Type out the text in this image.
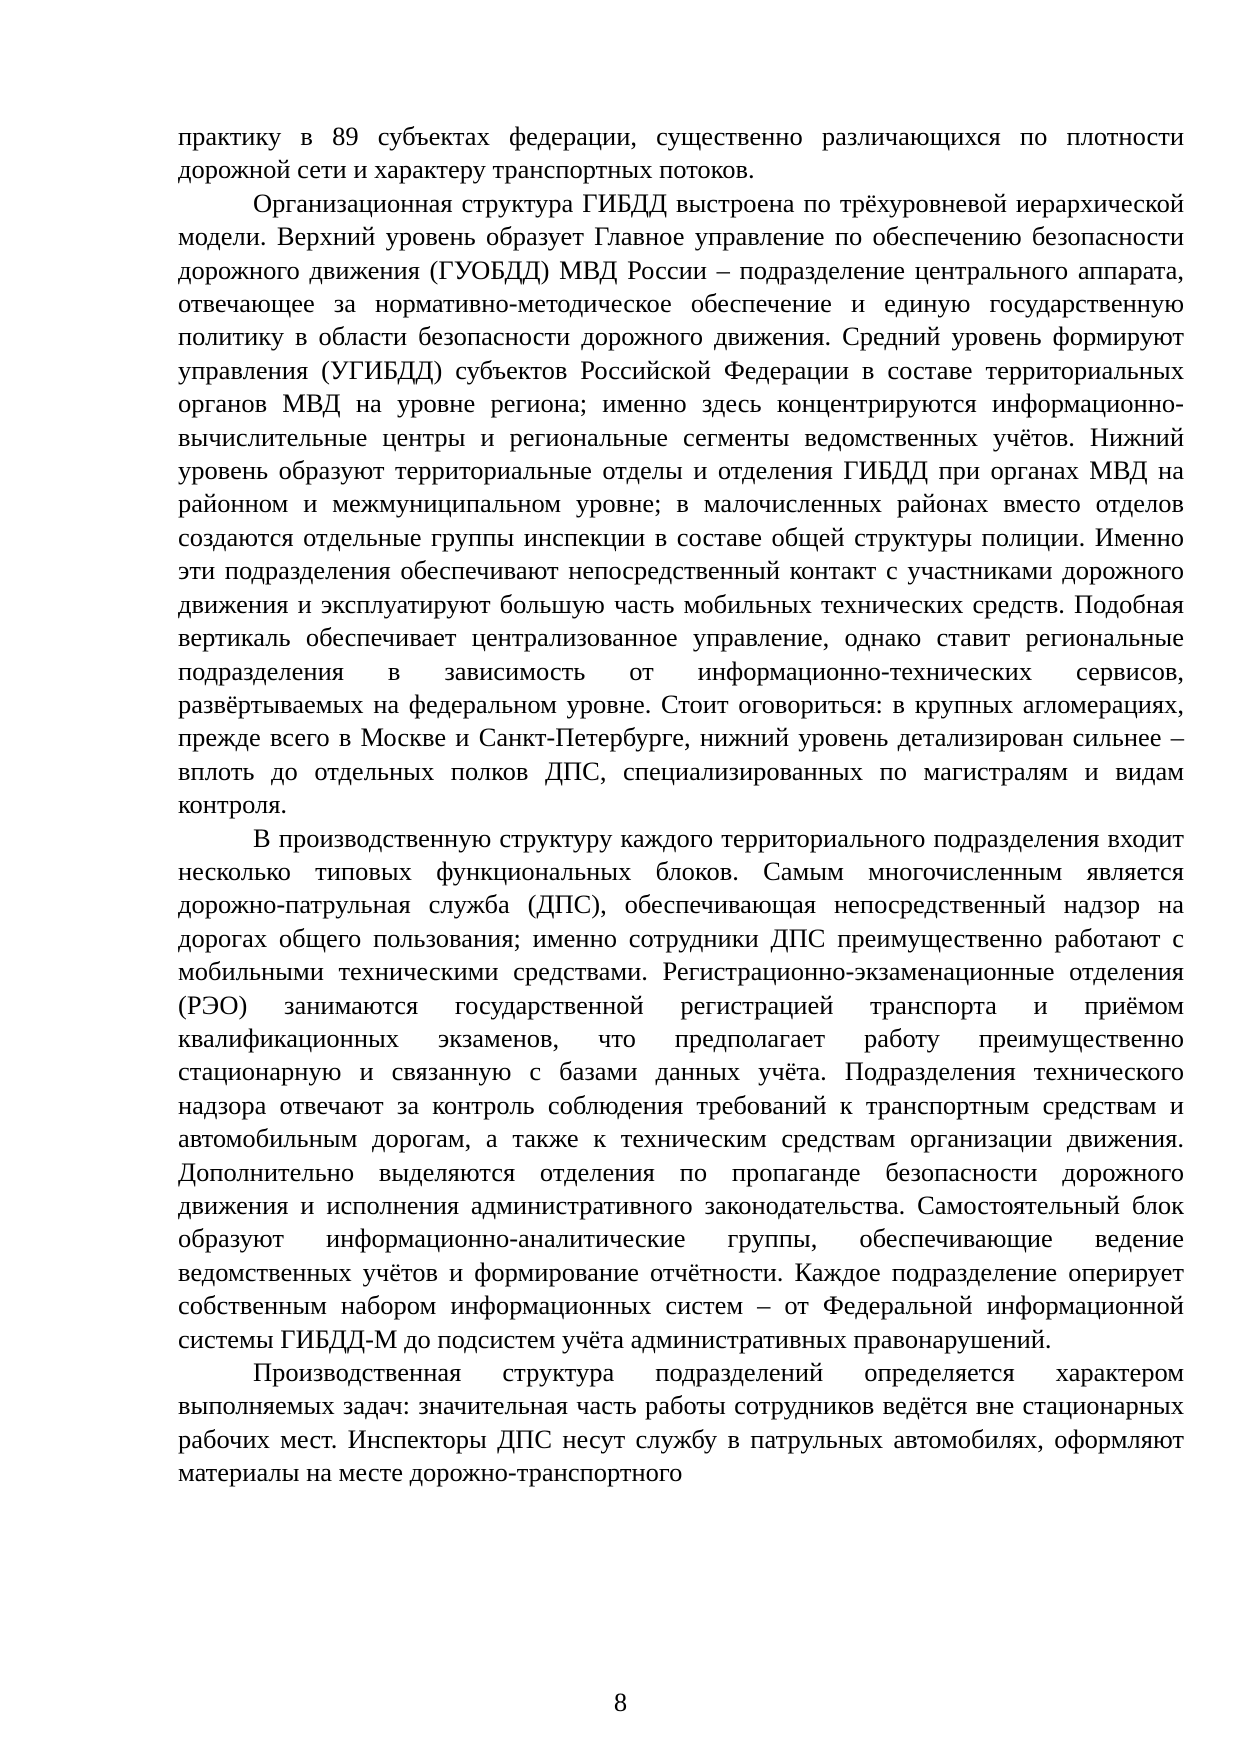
практику в 89 субъектах федерации, существенно различающихся по плотности дорожной сети и характеру транспортных потоков.

Организационная структура ГИБДД выстроена по трёхуровневой иерархической модели. Верхний уровень образует Главное управление по обеспечению безопасности дорожного движения (ГУОБДД) МВД России – подразделение центрального аппарата, отвечающее за нормативно-методическое обеспечение и единую государственную политику в области безопасности дорожного движения. Средний уровень формируют управления (УГИБДД) субъектов Российской Федерации в составе территориальных органов МВД на уровне региона; именно здесь концентрируются информационно-вычислительные центры и региональные сегменты ведомственных учётов. Нижний уровень образуют территориальные отделы и отделения ГИБДД при органах МВД на районном и межмуниципальном уровне; в малочисленных районах вместо отделов создаются отдельные группы инспекции в составе общей структуры полиции. Именно эти подразделения обеспечивают непосредственный контакт с участниками дорожного движения и эксплуатируют большую часть мобильных технических средств. Подобная вертикаль обеспечивает централизованное управление, однако ставит региональные подразделения в зависимость от информационно-технических сервисов, развёртываемых на федеральном уровне. Стоит оговориться: в крупных агломерациях, прежде всего в Москве и Санкт-Петербурге, нижний уровень детализирован сильнее – вплоть до отдельных полков ДПС, специализированных по магистралям и видам контроля.

В производственную структуру каждого территориального подразделения входит несколько типовых функциональных блоков. Самым многочисленным является дорожно-патрульная служба (ДПС), обеспечивающая непосредственный надзор на дорогах общего пользования; именно сотрудники ДПС преимущественно работают с мобильными техническими средствами. Регистрационно-экзаменационные отделения (РЭО) занимаются государственной регистрацией транспорта и приёмом квалификационных экзаменов, что предполагает работу преимущественно стационарную и связанную с базами данных учёта. Подразделения технического надзора отвечают за контроль соблюдения требований к транспортным средствам и автомобильным дорогам, а также к техническим средствам организации движения. Дополнительно выделяются отделения по пропаганде безопасности дорожного движения и исполнения административного законодательства. Самостоятельный блок образуют информационно-аналитические группы, обеспечивающие ведение ведомственных учётов и формирование отчётности. Каждое подразделение оперирует собственным набором информационных систем – от Федеральной информационной системы ГИБДД-М до подсистем учёта административных правонарушений.

Производственная структура подразделений определяется характером выполняемых задач: значительная часть работы сотрудников ведётся вне стационарных рабочих мест. Инспекторы ДПС несут службу в патрульных автомобилях, оформляют материалы на месте дорожно-транспортного

8
